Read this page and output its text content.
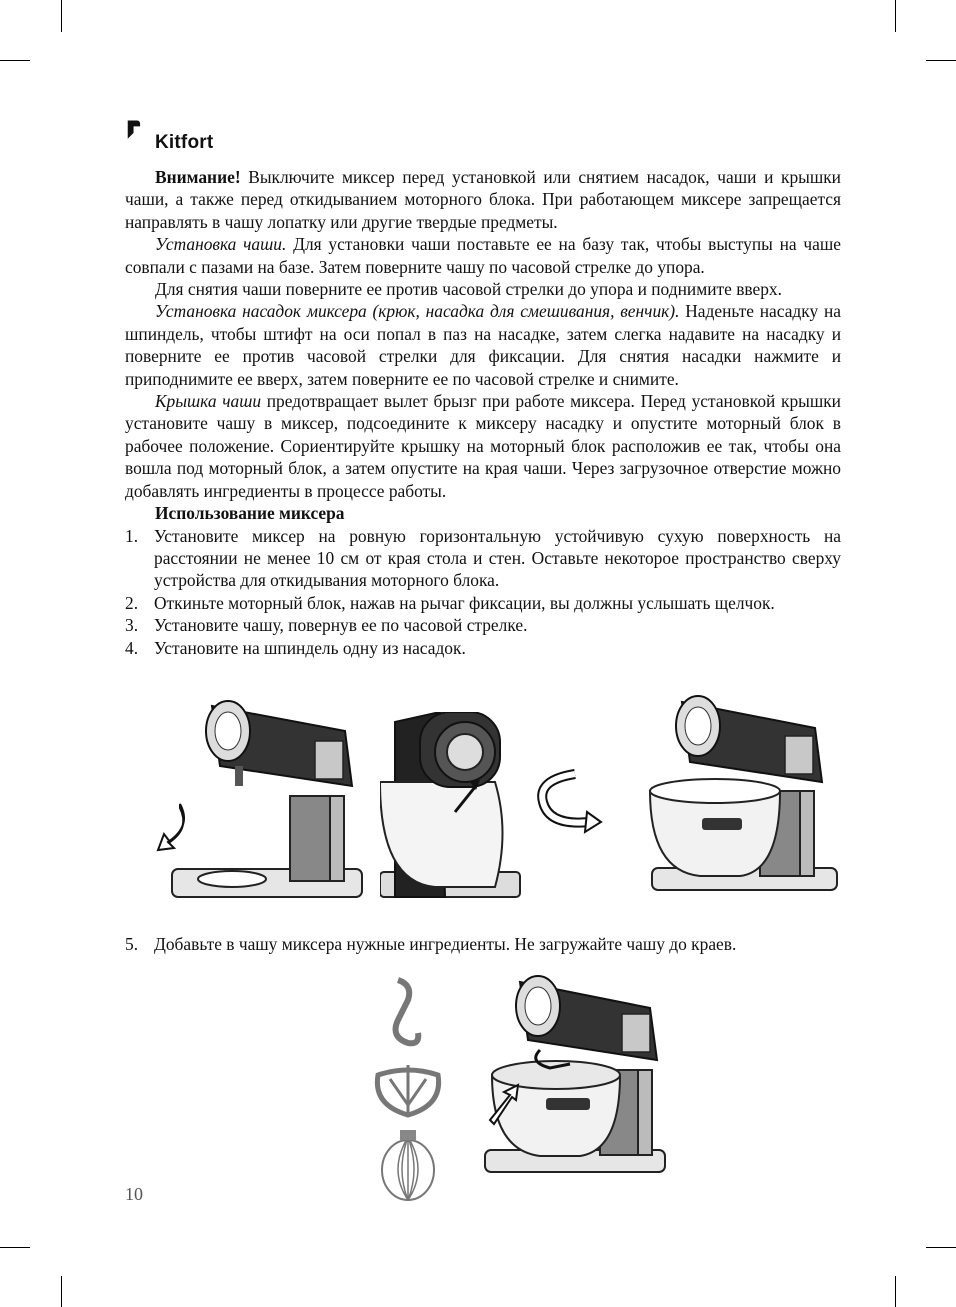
Kitfort

Внимание! Выключите миксер перед установкой или снятием насадок, чаши и крышки чаши, а также перед откидыванием моторного блока. При работающем миксере запрещается направлять в чашу лопатку или другие твердые предметы.

Установка чаши. Для установки чаши поставьте ее на базу так, чтобы выступы на чаше совпали с пазами на базе. Затем поверните чашу по часовой стрелке до упора.

Для снятия чаши поверните ее против часовой стрелки до упора и поднимите вверх.

Установка насадок миксера (крюк, насадка для смешивания, венчик). Наденьте насадку на шпиндель, чтобы штифт на оси попал в паз на насадке, затем слегка надавите на насадку и поверните ее против часовой стрелки для фиксации. Для снятия насадки нажмите и приподнимите ее вверх, затем поверните ее по часовой стрелке и снимите.

Крышка чаши предотвращает вылет брызг при работе миксера. Перед установкой крышки установите чашу в миксер, подсоедините к миксеру насадку и опустите моторный блок в рабочее положение. Сориентируйте крышку на моторный блок расположив ее так, чтобы она вошла под моторный блок, а затем опустите на края чаши. Через загрузочное отверстие можно добавлять ингредиенты в процессе работы.

Использование миксера

1. Установите миксер на ровную горизонтальную устойчивую сухую поверхность на расстоянии не менее 10 см от края стола и стен. Оставьте некоторое пространство сверху устройства для откидывания моторного блока.
2. Откиньте моторный блок, нажав на рычаг фиксации, вы должны услышать щелчок.
3. Установите чашу, повернув ее по часовой стрелке.
4. Установите на шпиндель одну из насадок.
5. Добавьте в чашу миксера нужные ингредиенты. Не загружайте чашу до краев.
10
